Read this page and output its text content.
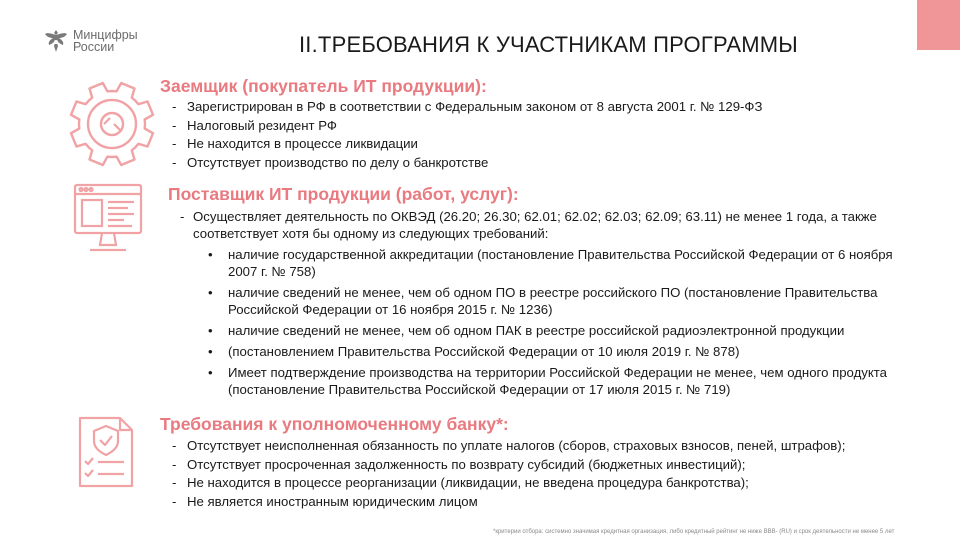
Минцифры
России	II.ТРЕБОВАНИЯ К УЧАСТНИКАМ ПРОГРАММЫ
Заемщик (покупатель ИТ продукции):
- Зарегистрирован в РФ в соответствии с Федеральным законом от 8 августа 2001 г. № 129-ФЗ
- Налоговый резидент РФ
- Не находится в процессе ликвидации
- Отсутствует производство по делу о банкротстве
Поставщик ИТ продукции (работ, услуг):
- Осуществляет деятельность по ОКВЭД (26.20; 26.30; 62.01; 62.02; 62.03; 62.09; 63.11) не менее 1 года, а также соответствует хотя бы одному из следующих требований:
• наличие государственной аккредитации (постановление Правительства Российской Федерации от 6 ноября 2007 г. № 758)
• наличие сведений не менее, чем об одном ПО в реестре российского ПО (постановление Правительства Российской Федерации от 16 ноября 2015 г. № 1236)
• наличие сведений не менее, чем об одном ПАК в реестре российской радиоэлектронной продукции
• (постановлением Правительства Российской Федерации от 10 июля 2019 г. № 878)
• Имеет подтверждение производства на территории Российской Федерации не менее, чем одного продукта (постановление Правительства Российской Федерации от 17 июля 2015 г. № 719)
Требования к уполномоченному банку*:
- Отсутствует неисполненная обязанность по уплате налогов (сборов, страховых взносов, пеней, штрафов);
- Отсутствует просроченная задолженность по возврату субсидий (бюджетных инвестиций);
- Не находится в процессе реорганизации (ликвидации, не введена процедура банкротства);
- Не является иностранным юридическим лицом
*критерии отбора: системно значимая кредитная организация, либо кредитный рейтинг не ниже BBB- (RU) и срок деятельности не менее 5 лет
